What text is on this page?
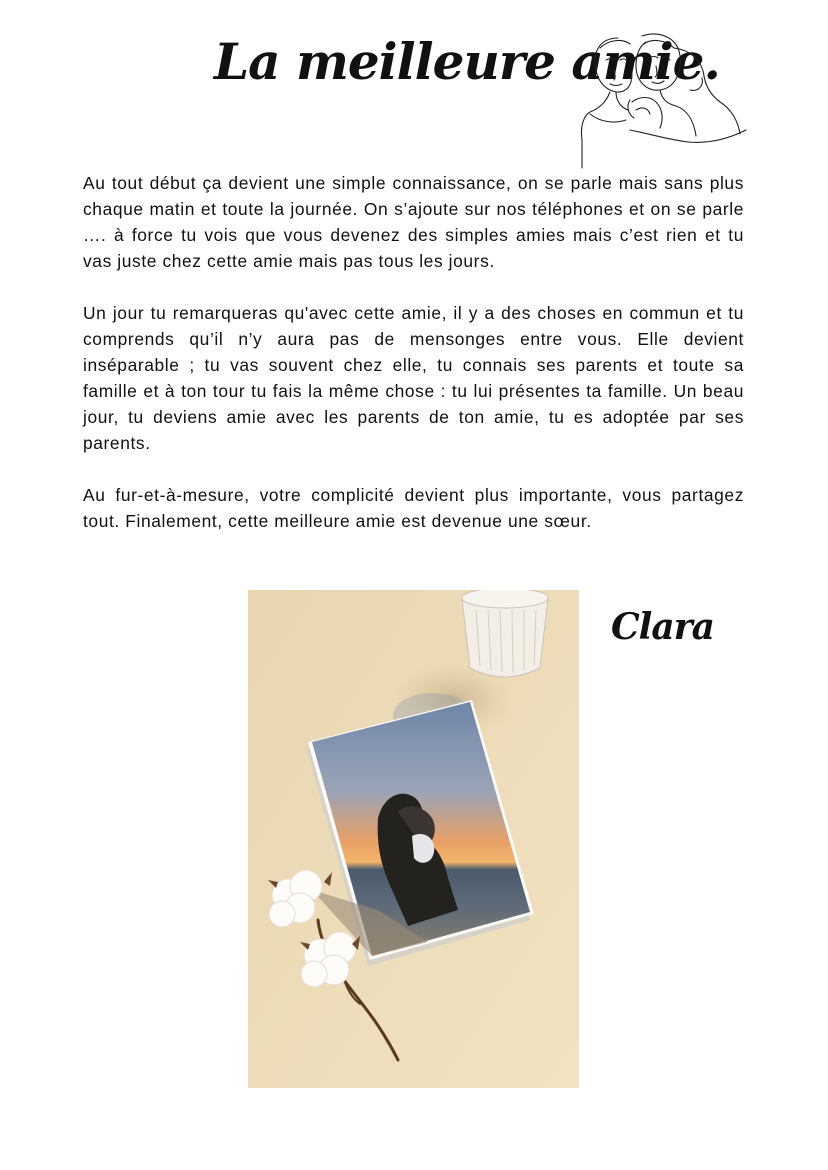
La meilleure amie.

Au tout début ça devient une simple connaissance, on se parle mais sans plus chaque matin et toute la journée. On s’ajoute sur nos téléphones et on se parle …. à force tu vois que vous devenez des simples amies mais c’est rien et tu vas juste chez cette amie mais pas tous les jours.

Un jour tu remarqueras qu'avec cette amie, il y a des choses en commun et tu comprends qu’il n’y aura pas de mensonges entre vous. Elle devient inséparable ; tu vas souvent chez elle, tu connais ses parents et toute sa famille et à ton tour tu fais la même chose : tu lui présentes ta famille. Un beau jour, tu deviens amie avec les parents de ton amie, tu es adoptée par ses parents.

Au fur-et-à-mesure, votre complicité devient plus importante, vous partagez tout. Finalement, cette meilleure amie est devenue une sœur.

Clara
